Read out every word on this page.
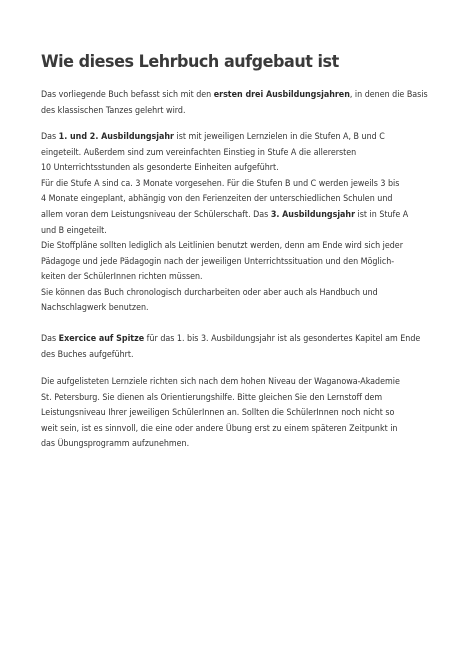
Wie dieses Lehrbuch aufgebaut ist

Das vorliegende Buch befasst sich mit den ersten drei Ausbildungsjahren, in denen die Basis
des klassischen Tanzes gelehrt wird.

Das 1. und 2. Ausbildungsjahr ist mit jeweiligen Lernzielen in die Stufen A, B und C
eingeteilt. Außerdem sind zum vereinfachten Einstieg in Stufe A die allerersten
10 Unterrichtsstunden als gesonderte Einheiten aufgeführt.
Für die Stufe A sind ca. 3 Monate vorgesehen. Für die Stufen B und C werden jeweils 3 bis
4 Monate eingeplant, abhängig von den Ferienzeiten der unterschiedlichen Schulen und
allem voran dem Leistungsniveau der Schülerschaft. Das 3. Ausbildungsjahr ist in Stufe A
und B eingeteilt.

Die Stoffpläne sollten lediglich als Leitlinien benutzt werden, denn am Ende wird sich jeder
Pädagoge und jede Pädagogin nach der jeweiligen Unterrichtssituation und den Möglich-
keiten der SchülerInnen richten müssen.
Sie können das Buch chronologisch durcharbeiten oder aber auch als Handbuch und
Nachschlagwerk benutzen.

Das Exercice auf Spitze für das 1. bis 3. Ausbildungsjahr ist als gesondertes Kapitel am Ende
des Buches aufgeführt.

Die aufgelisteten Lernziele richten sich nach dem hohen Niveau der Waganowa-Akademie
St. Petersburg. Sie dienen als Orientierungshilfe. Bitte gleichen Sie den Lernstoff dem
Leistungsniveau Ihrer jeweiligen SchülerInnen an. Sollten die SchülerInnen noch nicht so
weit sein, ist es sinnvoll, die eine oder andere Übung erst zu einem späteren Zeitpunkt in
das Übungsprogramm aufzunehmen.
